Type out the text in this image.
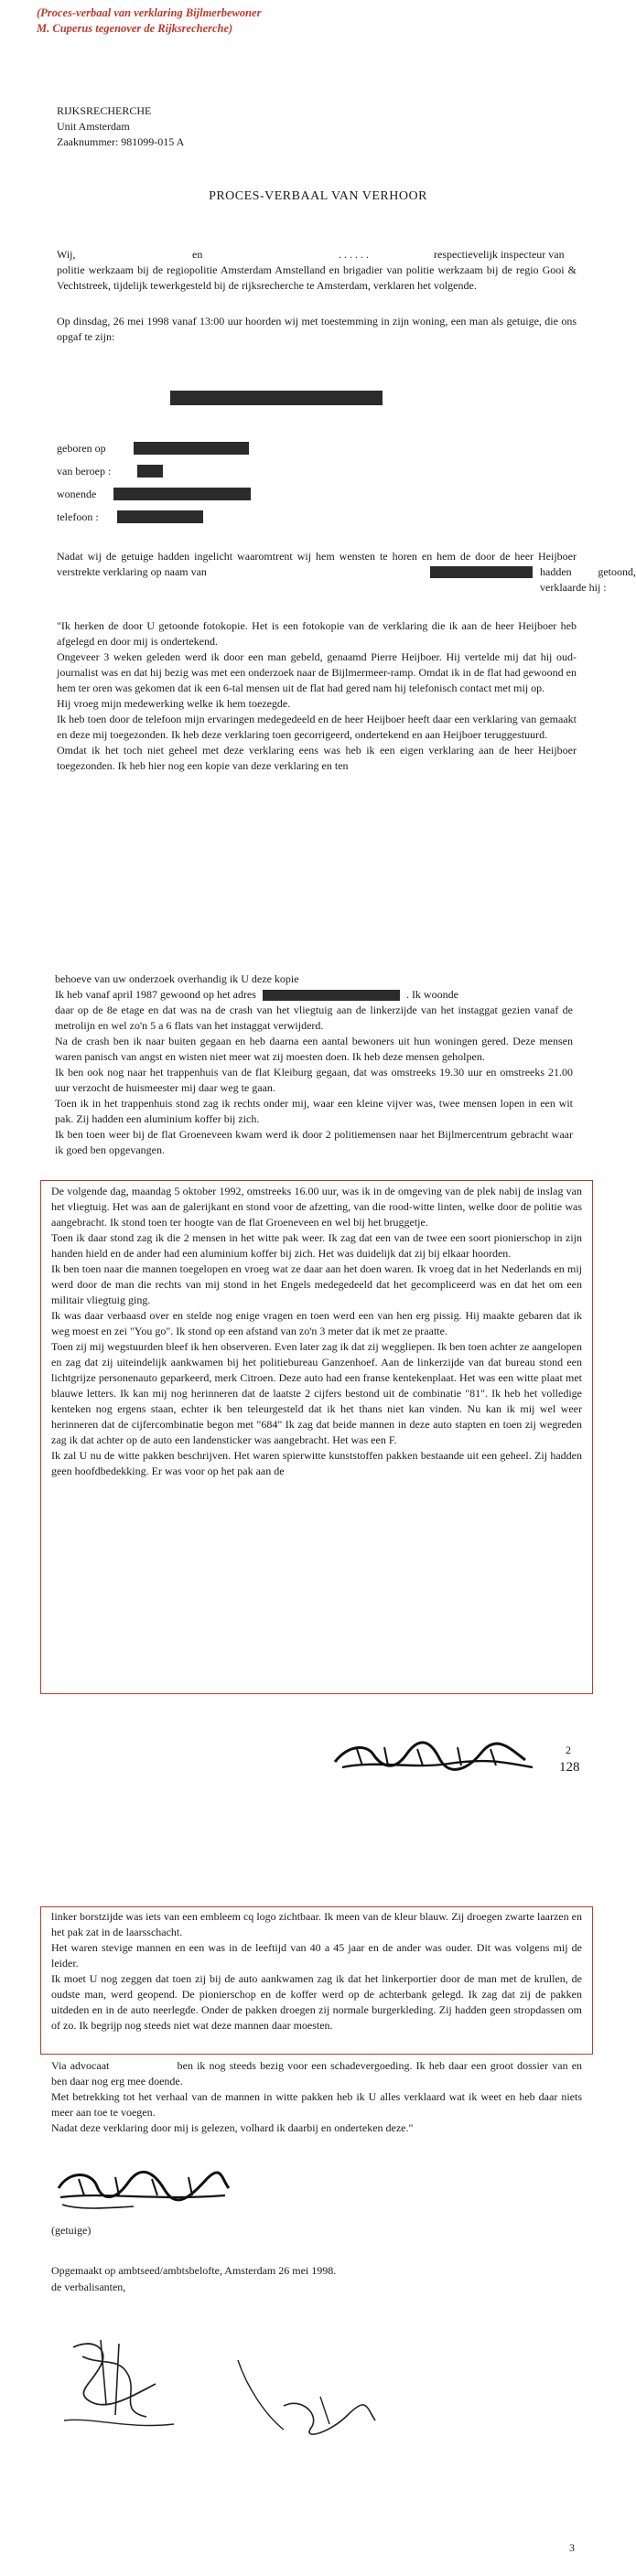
(Proces-verbaal van verklaring Bijlmerbewoner
M. Cuperus tegenover de Rijksrecherche)
RIJKSRECHERCHE
Unit Amsterdam
Zaaknummer: 981099-015 A
PROCES-VERBAAL VAN VERHOOR
Wij,	en	. . . . . .	respectievelijk inspecteur van
politie werkzaam bij de regiopolitie Amsterdam Amstelland en brigadier van politie werkzaam bij de regio Gooi & Vechtstreek, tijdelijk tewerkgesteld bij de rijksrecherche te Amsterdam, verklaren het volgende.
Op dinsdag, 26 mei 1998 vanaf 13:00 uur hoorden wij met toestemming in zijn woning, een man als getuige, die ons opgaf te zijn:
geboren op
van beroep :
wonende
telefoon :
Nadat wij de getuige hadden ingelicht waaromtrent wij hem wensten te horen en hem de door de heer Heijboer verstrekte verklaring op naam van	hadden getoond, verklaarde hij :
"Ik herken de door U getoonde fotokopie. Het is een fotokopie van de verklaring die ik aan de heer Heijboer heb afgelegd en door mij is ondertekend.
Ongeveer 3 weken geleden werd ik door een man gebeld, genaamd Pierre Heijboer. Hij vertelde mij dat hij oud-journalist was en dat hij bezig was met een onderzoek naar de Bijlmermeer-ramp. Omdat ik in de flat had gewoond en hem ter oren was gekomen dat ik een 6-tal mensen uit de flat had gered nam hij telefonisch contact met mij op.
Hij vroeg mijn medewerking welke ik hem toezegde.
Ik heb toen door de telefoon mijn ervaringen medegedeeld en de heer Heijboer heeft daar een verklaring van gemaakt en deze mij toegezonden. Ik heb deze verklaring toen gecorrigeerd, ondertekend en aan Heijboer teruggestuurd.
Omdat ik het toch niet geheel met deze verklaring eens was heb ik een eigen verklaring aan de heer Heijboer toegezonden. Ik heb hier nog een kopie van deze verklaring en ten
behoeve van uw onderzoek overhandig ik U deze kopie
Ik heb vanaf april 1987 gewoond op het adres	. Ik woonde
daar op de 8e etage en dat was na de crash van het vliegtuig aan de linkerzijde van het instaggat gezien vanaf de metrolijn en wel zo'n 5 a 6 flats van het instaggat verwijderd.
Na de crash ben ik naar buiten gegaan en heb daarna een aantal bewoners uit hun woningen gered. Deze mensen waren panisch van angst en wisten niet meer wat zij moesten doen. Ik heb deze mensen geholpen.
Ik ben ook nog naar het trappenhuis van de flat Kleiburg gegaan, dat was omstreeks 19.30 uur en omstreeks 21.00 uur verzocht de huismeester mij daar weg te gaan.
Toen ik in het trappenhuis stond zag ik rechts onder mij, waar een kleine vijver was, twee mensen lopen in een wit pak. Zij hadden een aluminium koffer bij zich.
Ik ben toen weer bij de flat Groeneveen kwam werd ik door 2 politiemensen naar het Bijlmercentrum gebracht waar ik goed ben opgevangen.
De volgende dag, maandag 5 oktober 1992, omstreeks 16.00 uur, was ik in de omgeving van de plek nabij de inslag van het vliegtuig. Het was aan de galerijkant en stond voor de afzetting, van die rood-witte linten, welke door de politie was aangebracht. Ik stond toen ter hoogte van de flat Groeneveen en wel bij het bruggetje.
Toen ik daar stond zag ik die 2 mensen in het witte pak weer. Ik zag dat een van de twee een soort pionierschop in zijn handen hield en de ander had een aluminium koffer bij zich. Het was duidelijk dat zij bij elkaar hoorden.
Ik ben toen naar die mannen toegelopen en vroeg wat ze daar aan het doen waren. Ik vroeg dat in het Nederlands en mij werd door de man die rechts van mij stond in het Engels medegedeeld dat het gecompliceerd was en dat het om een militair vliegtuig ging.
Ik was daar verbaasd over en stelde nog enige vragen en toen werd een van hen erg pissig. Hij maakte gebaren dat ik weg moest en zei "You go". Ik stond op een afstand van zo'n 3 meter dat ik met ze praatte.
Toen zij mij wegstuurden bleef ik hen observeren. Even later zag ik dat zij weggliepen. Ik ben toen achter ze aangelopen en zag dat zij uiteindelijk aankwamen bij het politiebureau Ganzenhoef. Aan de linkerzijde van dat bureau stond een lichtgrijze personenauto geparkeerd, merk Citroen. Deze auto had een franse kentekenplaat. Het was een witte plaat met blauwe letters. Ik kan mij nog herinneren dat de laatste 2 cijfers bestond uit de combinatie "81". Ik heb het volledige kenteken nog ergens staan, echter ik ben teleurgesteld dat ik het thans niet kan vinden. Nu kan ik mij wel weer herinneren dat de cijfercombinatie begon met "684" Ik zag dat beide mannen in deze auto stapten en toen zij wegreden zag ik dat achter op de auto een landensticker was aangebracht. Het was een F.
Ik zal U nu de witte pakken beschrijven. Het waren spierwitte kunststoffen pakken bestaande uit een geheel. Zij hadden geen hoofdbedekking. Er was voor op het pak aan de
2
128
linker borstzijde was iets van een embleem cq logo zichtbaar. Ik meen van de kleur blauw. Zij droegen zwarte laarzen en het pak zat in de laarsschacht.
Het waren stevige mannen en een was in de leeftijd van 40 a 45 jaar en de ander was ouder. Dit was volgens mij de leider.
Ik moet U nog zeggen dat toen zij bij de auto aankwamen zag ik dat het linkerportier door de man met de krullen, de oudste man, werd geopend. De pionierschop en de koffer werd op de achterbank gelegd. Ik zag dat zij de pakken uitdeden en in de auto neerlegde. Onder de pakken droegen zij normale burgerkleding. Zij hadden geen stropdassen om of zo. Ik begrijp nog steeds niet wat deze mannen daar moesten.
Via advocaat	ben ik nog steeds bezig voor een schadevergoeding. Ik heb daar een groot dossier van en ben daar nog erg mee doende.
Met betrekking tot het verhaal van de mannen in witte pakken heb ik U alles verklaard wat ik weet en heb daar niets meer aan toe te voegen.
Nadat deze verklaring door mij is gelezen, volhard ik daarbij en onderteken deze."
(getuige)
Opgemaakt op ambtseed/ambtsbelofte, Amsterdam 26 mei 1998.
de verbalisanten,
3
